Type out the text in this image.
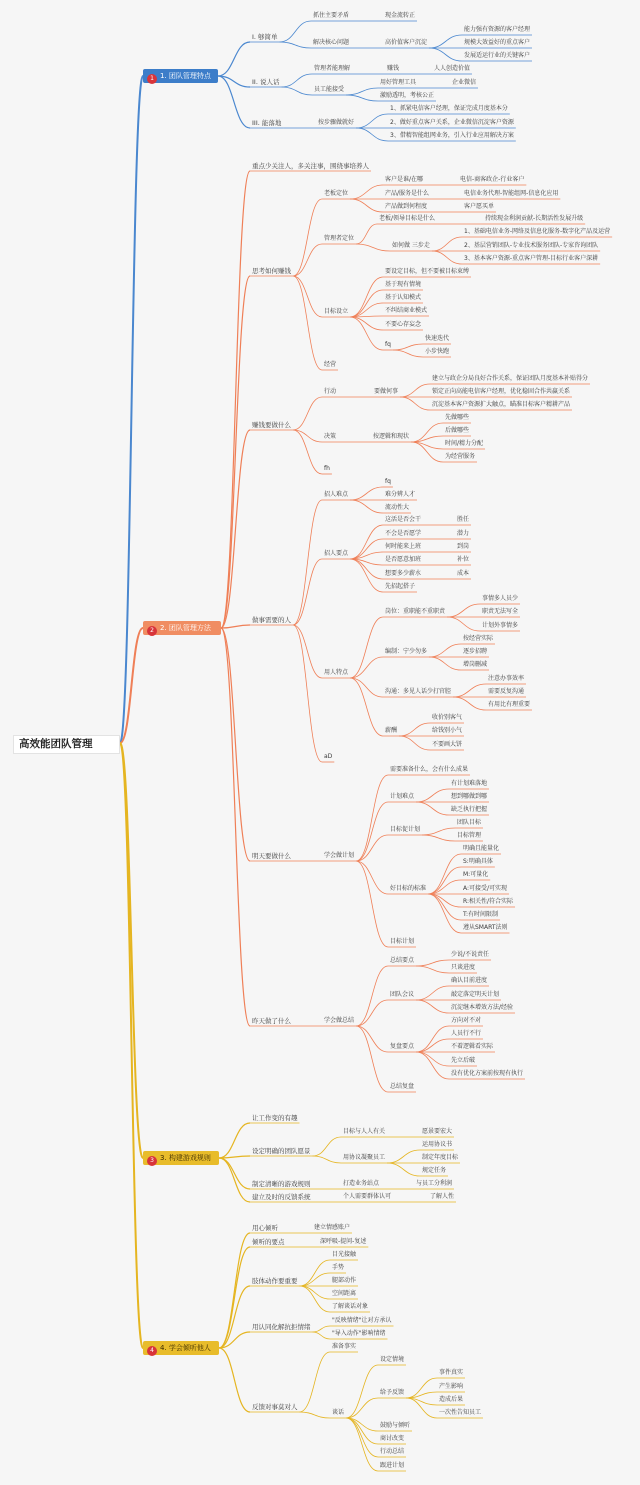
高效能团队管理
1 1. 团队管理特点
2 2. 团队管理方法
3 3. 构建游戏规则
4 4. 学会倾听他人
I. 够简单
抓住主要矛盾	现金流转正
解决核心问题	高价值客户沉淀
能力强有资源的客户经理
规模大效益好的重点客户
发展适运行业的关键客户
II. 说人话
管理者能理解	赚钱	人人创造价值
员工能接受
用好管理工具	企业微信
激励透明，考核公正
III. 能落地	按步骤做就好
1、抓紧电信客户经理，保证完成月度基本分
2、做好重点客户关系，企业微信沉淀客户资源
3、借精智能组网业务，引入行业应用解决方案
重点少关注人，多关注事，围绕事培养人
思考如何赚钱
老板定位
客户是谁/在哪	电信-商客政企-行业客户
产品/服务是什么	电信业务代理-智能组网-信息化应用
产品做到何程度	客户愿买单
管理者定位
老板/领导目标是什么	持续现金利润贡献-长期活性发展升级
如何做 三步走
1、基础电信业务-网络及信息化服务-数字化产品及运营
2、基层营销团队-专业技术服务团队-专家咨询团队
3、基本客户资源-重点客户管理-目标行业客户深耕
目标设立
要设定目标，但不要被目标束缚
基于现有情境
基于认知模式
不纠结商业模式
不要心存妄念
fq
快速迭代
小步快跑
经营
赚钱要做什么
行动	要做何事
建立与政企分局良好合作关系，保证团队月度基本补贴得分
锁定正向高能电信客户经理，优化稳固合作共赢关系
沉淀基本客户资源扩大触点，瞄准目标客户精耕产品
决策	按逻辑和现状
先做哪些
后做哪些
时间/精力分配
为经营服务
fh
做事需要的人
招人难点
fq
难分辨人才
流动性大
招人要点
这活是否会干	胜任
不会是否愿学	潜力
何时能来上班	到岗
是否愿意加班	补位
想要多少薪水	成本
先招起搭子
用人特点
岗位：重职能不重职责
事情多人员少
职责无法写全
计划外事情多
编制：宁少勿多
按经营实际
逐步招聘
增岗删减
沟通：多见人话少打官腔
注意办事效率
需要反复沟通
有用比有理重要
薪酬
收价别客气
给钱别小气
不要画大饼
aD
明天要做什么	学会做计划
需要准备什么，会有什么成果
计划难点
有计划难落地
想到哪做到哪
缺乏执行把握
目标促计划
团队目标
目标管理
好目标的标准
明确且能量化
S:明确具体
M:可量化
A:可接受/可实现
R:相关性/符合实际
T:有时间限制
遵从SMART法则
目标计划
昨天做了什么	学会做总结
总结要点
少说/不说责任
只谈进度
团队会议
确认目前进度
敲定落定明天计划
沉淀继本增效方法/经验
复盘要点
方向对不对
人员行不行
不着逻辑看实际
先立后破
没有优化方案前按现有执行
总结复盘
让工作变的有趣
设定明确的团队愿景
目标与人人有关	愿景要宏大
用协议凝聚员工
运用协议书
制定年度目标
规定任务
制定清晰的游戏规则	打造业务站点	与员工分利润
建立及时的反馈系统	个人需要群体认可	了解人性
用心倾听	建立情感账户
倾听的要点	深呼吸-提问-复述
肢体动作要重要
目光接触
手势
腿部动作
空间距离
了解谈话对象
用认同化解抗拒情绪
"反映情绪"让对方承认
"导入动作"影响情绪
反馈对事莫对人
准备事实
谈话
设定情境
给予反馈
事件真实
产生影响
造成后果
一次性告知员工
鼓励与倾听
商讨改变
行动总结
跟进计划
